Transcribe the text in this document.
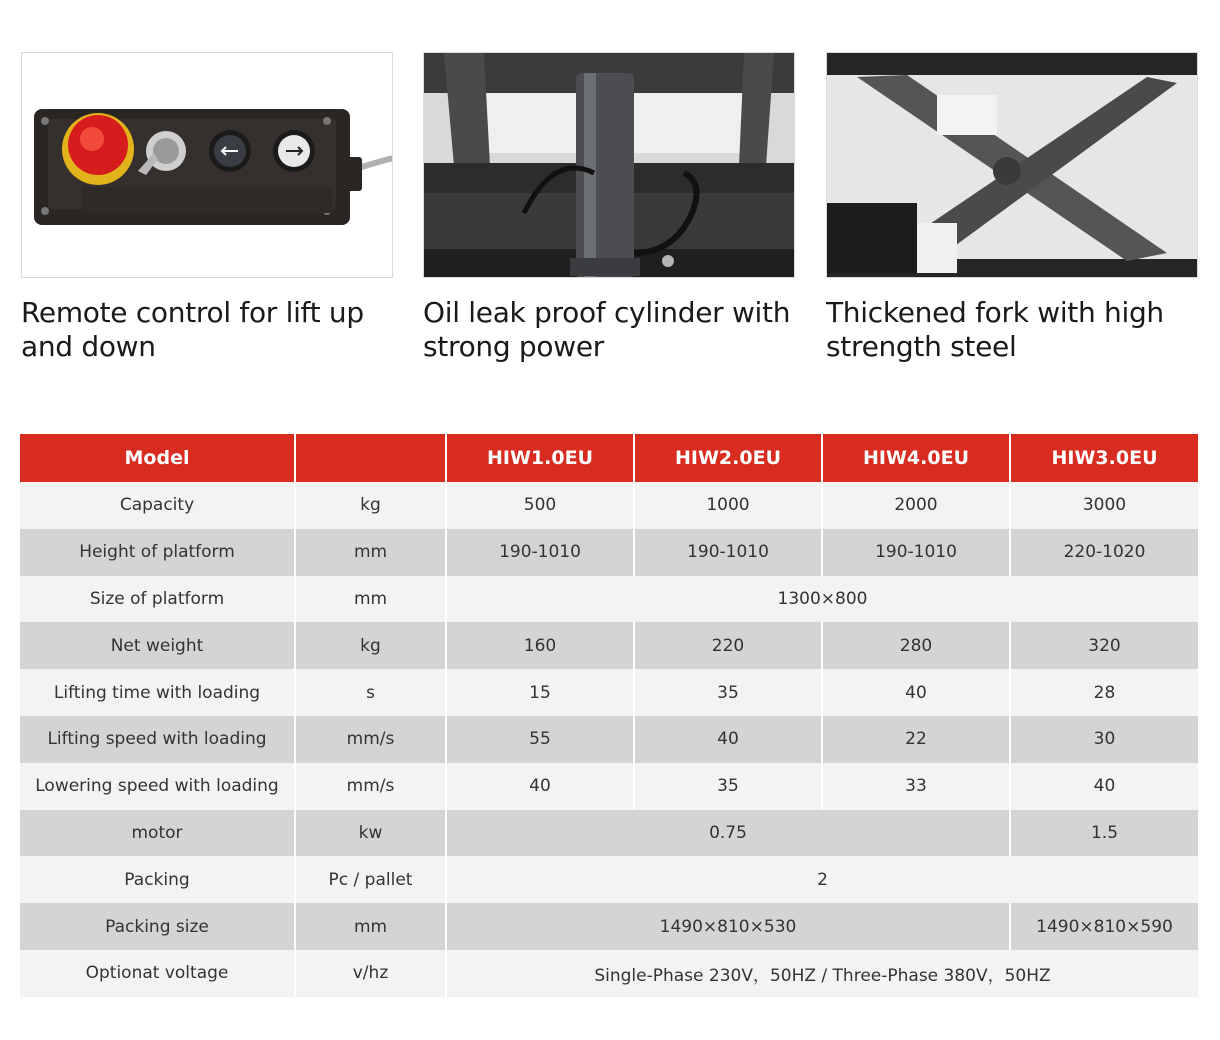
Remote control for lift up and down
Oil leak proof cylinder with strong power
Thickened fork with high strength steel
Model		HIW1.0EU	HIW2.0EU	HIW4.0EU	HIW3.0EU
Capacity	kg	500	1000	2000	3000
Height of platform	mm	190-1010	190-1010	190-1010	220-1020
Size of platform	mm	1300×800			
Net weight	kg	160	220	280	320
Lifting time with loading	s	15	35	40	28
Lifting speed with loading	mm/s	55	40	22	30
Lowering speed with loading	mm/s	40	35	33	40
motor	kw	0.75			1.5
Packing	Pc / pallet	2			
Packing size	mm	1490×810×530			1490×810×590
Optionat voltage	v/hz	Single-Phase 230V，50HZ / Three-Phase 380V，50HZ			
